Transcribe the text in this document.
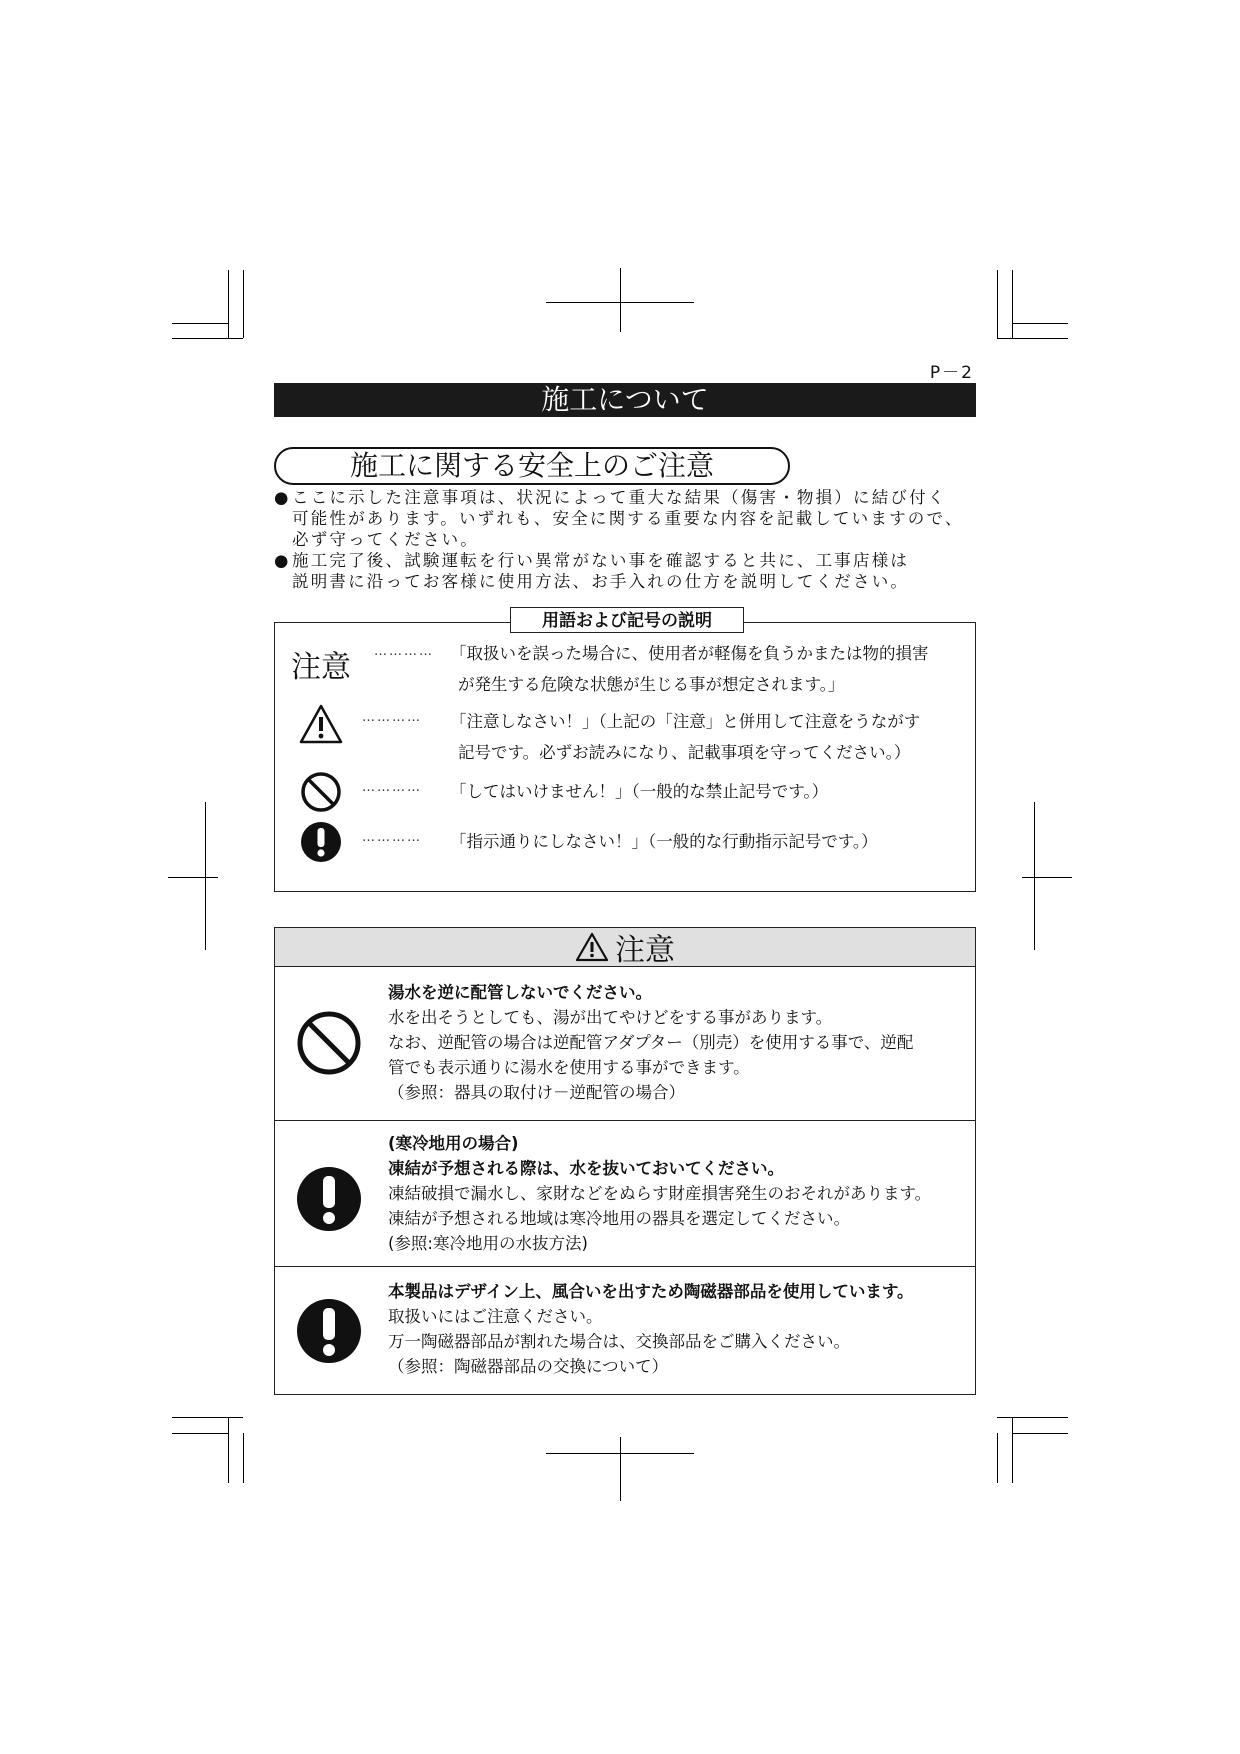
P－2
施工について
施工に関する安全上のご注意
● ここに示した注意事項は、状況によって重大な結果（傷害・物損）に結び付く
可能性があります。いずれも、安全に関する重要な内容を記載していますので、
必ず守ってください。
● 施工完了後、試験運転を行い異常がない事を確認すると共に、工事店様は
説明書に沿ってお客様に使用方法、お手入れの仕方を説明してください。
用語および記号の説明
注意 ………… 「取扱いを誤った場合に、使用者が軽傷を負うかまたは物的損害
が発生する危険な状態が生じる事が想定されます。」
………… 「注意しなさい！」（上記の「注意」と併用して注意をうながす
記号です。必ずお読みになり、記載事項を守ってください。）
………… 「してはいけません！」（一般的な禁止記号です。）
………… 「指示通りにしなさい！」（一般的な行動指示記号です。）
注意
湯水を逆に配管しないでください。
水を出そうとしても、湯が出てやけどをする事があります。
なお、逆配管の場合は逆配管アダプター（別売）を使用する事で、逆配
管でも表示通りに湯水を使用する事ができます。
（参照：器具の取付け－逆配管の場合）
(寒冷地用の場合)
凍結が予想される際は、水を抜いておいてください。
凍結破損で漏水し、家財などをぬらす財産損害発生のおそれがあります。
凍結が予想される地域は寒冷地用の器具を選定してください。
(参照:寒冷地用の水抜方法)
本製品はデザイン上、風合いを出すため陶磁器部品を使用しています。
取扱いにはご注意ください。
万一陶磁器部品が割れた場合は、交換部品をご購入ください。
（参照：陶磁器部品の交換について）
